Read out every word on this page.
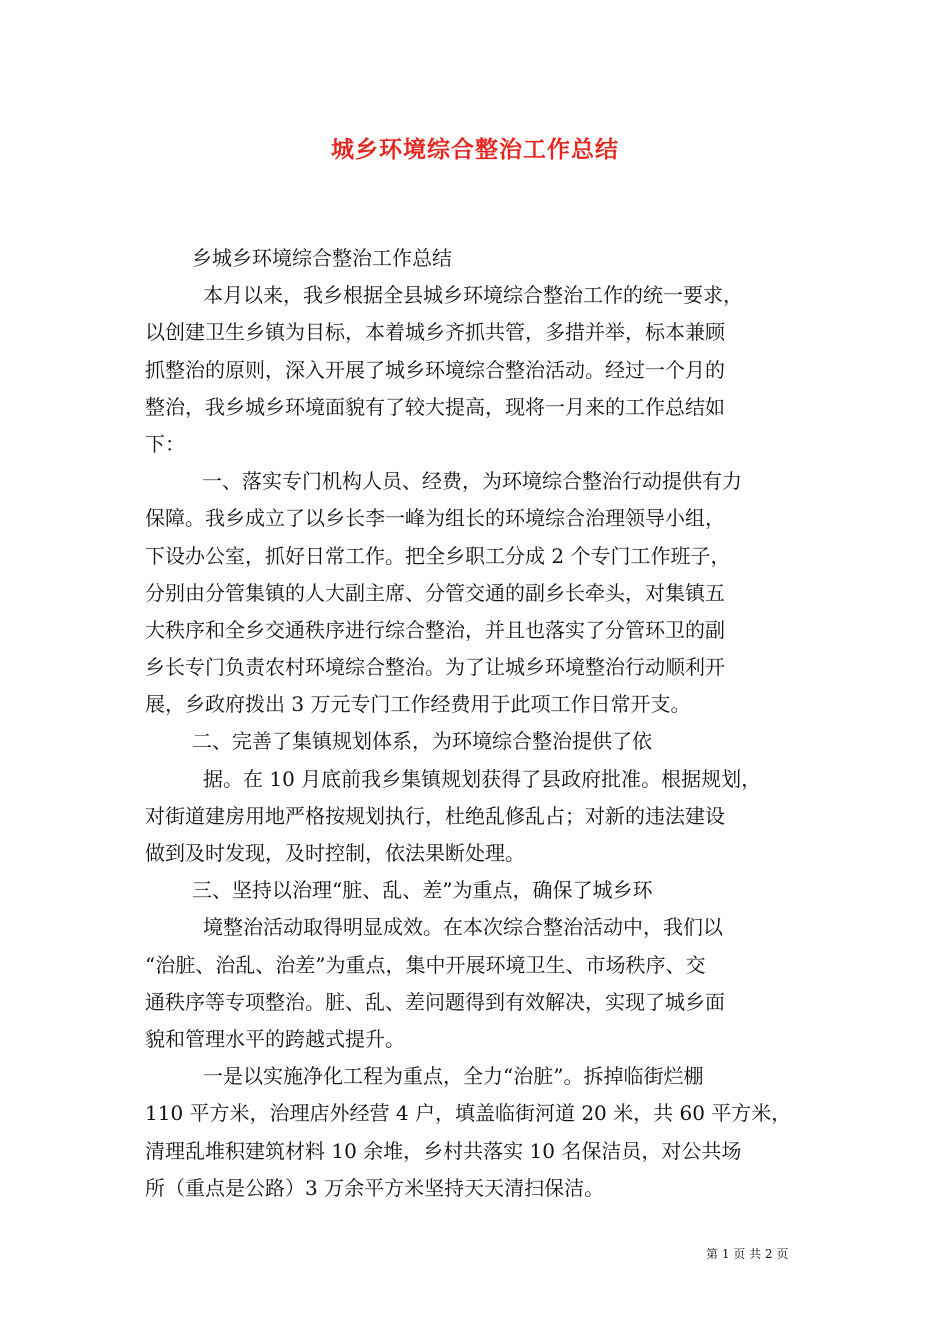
城乡环境综合整治工作总结
乡城乡环境综合整治工作总结
本月以来，我乡根据全县城乡环境综合整治工作的统一要求，
以创建卫生乡镇为目标，本着城乡齐抓共管，多措并举，标本兼顾
抓整治的原则，深入开展了城乡环境综合整治活动。经过一个月的
整治，我乡城乡环境面貌有了较大提高，现将一月来的工作总结如
下：
一、落实专门机构人员、经费，为环境综合整治行动提供有力
保障。我乡成立了以乡长李一峰为组长的环境综合治理领导小组，
下设办公室，抓好日常工作。把全乡职工分成 2 个专门工作班子，
分别由分管集镇的人大副主席、分管交通的副乡长牵头，对集镇五
大秩序和全乡交通秩序进行综合整治，并且也落实了分管环卫的副
乡长专门负责农村环境综合整治。为了让城乡环境整治行动顺利开
展，乡政府拨出 3 万元专门工作经费用于此项工作日常开支。
二、完善了集镇规划体系，为环境综合整治提供了依
据。在 10 月底前我乡集镇规划获得了县政府批准。根据规划，
对街道建房用地严格按规划执行，杜绝乱修乱占；对新的违法建设
做到及时发现，及时控制，依法果断处理。
三、坚持以治理“脏、乱、差”为重点，确保了城乡环
境整治活动取得明显成效。在本次综合整治活动中，我们以
“治脏、治乱、治差”为重点，集中开展环境卫生、市场秩序、交
通秩序等专项整治。脏、乱、差问题得到有效解决，实现了城乡面
貌和管理水平的跨越式提升。
一是以实施净化工程为重点，全力“治脏”。拆掉临街烂棚
110 平方米，治理店外经营 4 户，填盖临街河道 20 米，共 60 平方米，
清理乱堆积建筑材料 10 余堆，乡村共落实 10 名保洁员，对公共场
所（重点是公路）3 万余平方米坚持天天清扫保洁。
第 1 页 共 2 页
